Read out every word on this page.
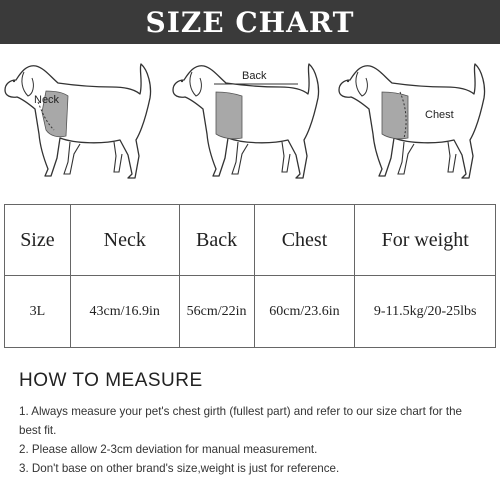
SIZE CHART
Neck
Back
Chest
Size	Neck	Back	Chest	For weight
3L	43cm/16.9in	56cm/22in	60cm/23.6in	9-11.5kg/20-25lbs
HOW TO MEASURE
1. Always measure your pet's chest girth (fullest part) and refer to our size chart for the best fit.
2. Please allow 2-3cm deviation for manual measurement.
3. Don't base on other brand's size,weight is just for reference.
